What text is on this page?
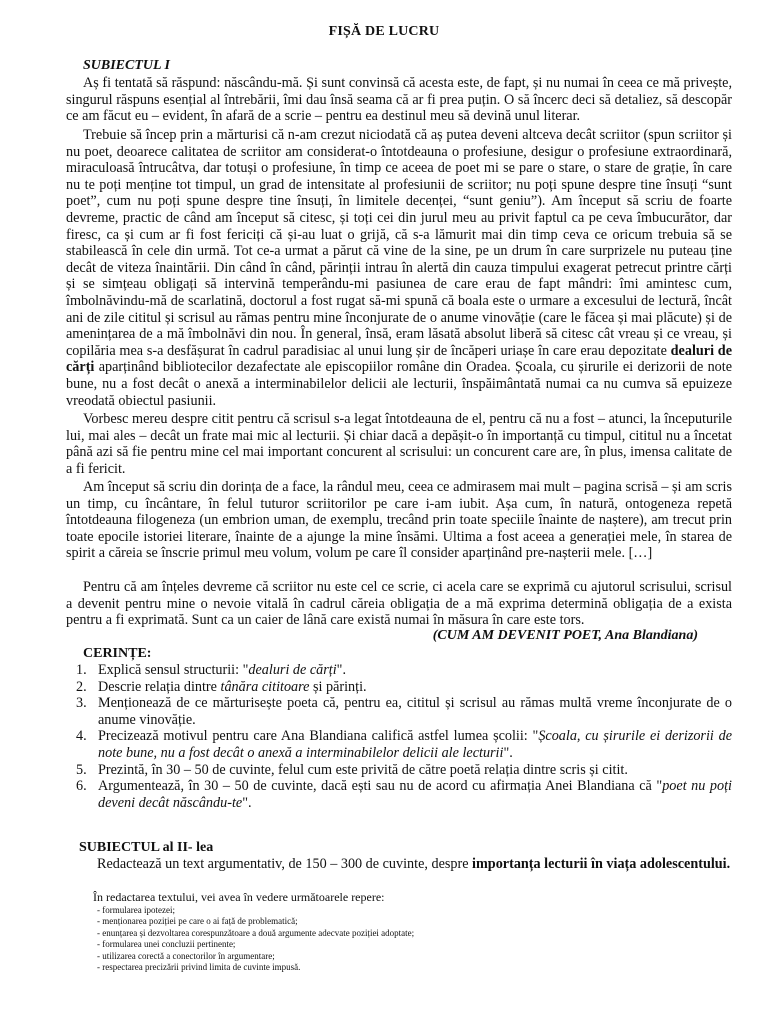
FIȘĂ DE LUCRU
SUBIECTUL I

Aș fi tentată să răspund: născându-mă. Și sunt convinsă că acesta este, de fapt, și nu numai în ceea ce mă privește, singurul răspuns esențial al întrebării, îmi dau însă seama că ar fi prea puțin. O să încerc deci să detaliez, să descopăr ce am făcut eu – evident, în afară de a scrie – pentru ea destinul meu să devină unul literar.

Trebuie să încep prin a mărturisi că n-am crezut niciodată că aș putea deveni altceva decât scriitor (spun scriitor și nu poet, deoarece calitatea de scriitor am considerat-o întotdeauna o profesiune, desigur o profesiune extraordinară, miraculoasă întrucâtva, dar totuși o profesiune, în timp ce aceea de poet mi se pare o stare, o stare de grație, în care nu te poți menține tot timpul, un grad de intensitate al profesiunii de scriitor; nu poți spune despre tine însuți “sunt poet”, cum nu poți spune despre tine însuți, în limitele decenței, “sunt geniu”). Am început să scriu de foarte devreme, practic de când am început să citesc, și toți cei din jurul meu au privit faptul ca pe ceva îmbucurător, dar firesc, ca și cum ar fi fost fericiți că și-au luat o grijă, că s-a lămurit mai din timp ceva ce oricum trebuia să se stabilească în cele din urmă. Tot ce-a urmat a părut că vine de la sine, pe un drum în care surprizele nu puteau ține decât de viteza înaintării. Din când în când, părinții intrau în alertă din cauza timpului exagerat petrecut printre cărți și se simțeau obligați să intervină temperându-mi pasiunea de care erau de fapt mândri: îmi amintesc cum, îmbolnăvindu-mă de scarlatină, doctorul a fost rugat să-mi spună că boala este o urmare a excesului de lectură, încât ani de zile cititul și scrisul au rămas pentru mine înconjurate de o anume vinovăție (care le făcea și mai plăcute) și de amenințarea de a mă îmbolnăvi din nou. În general, însă, eram lăsată absolut liberă să citesc cât vreau și ce vreau, și copilăria mea s-a desfășurat în cadrul paradisiac al unui lung șir de încăperi uriașe în care erau depozitate dealuri de cărți aparținând bibliotecilor dezafectate ale episcopiilor române din Oradea. Școala, cu șirurile ei derizorii de note bune, nu a fost decât o anexă a interminabilelor delicii ale lecturii, înspăimântată numai ca nu cumva să epuizeze vreodată obiectul pasiunii.

Vorbesc mereu despre citit pentru că scrisul s-a legat întotdeauna de el, pentru că nu a fost – atunci, la începuturile lui, mai ales – decât un frate mai mic al lecturii. Și chiar dacă a depășit-o în importanță cu timpul, cititul nu a încetat până azi să fie pentru mine cel mai important concurent al scrisului: un concurent care are, în plus, imensa calitate de a fi fericit.

Am început să scriu din dorința de a face, la rândul meu, ceea ce admirasem mai mult – pagina scrisă – și am scris un timp, cu încântare, în felul tuturor scriitorilor pe care i-am iubit. Așa cum, în natură, ontogeneza repetă întotdeauna filogeneza (un embrion uman, de exemplu, trecând prin toate speciile înainte de naștere), am trecut prin toate epocile istoriei literare, înainte de a ajunge la mine însămi. Ultima a fost aceea a generației mele, în starea de spirit a căreia se înscrie primul meu volum, volum pe care îl consider aparținând pre-nașterii mele. […]

Pentru că am înțeles devreme că scriitor nu este cel ce scrie, ci acela care se exprimă cu ajutorul scrisului, scrisul a devenit pentru mine o nevoie vitală în cadrul căreia obligația de a mă exprima determină obligația de a exista pentru a fi exprimată. Sunt ca un caier de lână care există numai în măsura în care este tors.

(CUM AM DEVENIT POET, Ana Blandiana)
CERINȚE:
1. Explică sensul structurii: "dealuri de cărți".
2. Descrie relația dintre tânăra cititoare și părinți.
3. Menționează de ce mărturisește poeta că, pentru ea, cititul și scrisul au rămas multă vreme înconjurate de o anume vinovăție.
4. Precizează motivul pentru care Ana Blandiana califică astfel lumea școlii: "Școala, cu șirurile ei derizorii de note bune, nu a fost decât o anexă a interminabilelor delicii ale lecturii".
5. Prezintă, în 30 – 50 de cuvinte, felul cum este privită de către poetă relația dintre scris și citit.
6. Argumentează, în 30 – 50 de cuvinte, dacă ești sau nu de acord cu afirmația Anei Blandiana că "poet nu poți deveni decât născându-te".
SUBIECTUL al II- lea
Redactează un text argumentativ, de 150 – 300 de cuvinte, despre importanța lecturii în viața adolescentului.
În redactarea textului, vei avea în vedere următoarele repere:
- formularea ipotezei;
- menționarea poziției pe care o ai față de problematică;
- enunțarea și dezvoltarea corespunzătoare a două argumente adecvate poziției adoptate;
- formularea unei concluzii pertinente;
- utilizarea corectă a conectorilor în argumentare;
- respectarea precizării privind limita de cuvinte impusă.
